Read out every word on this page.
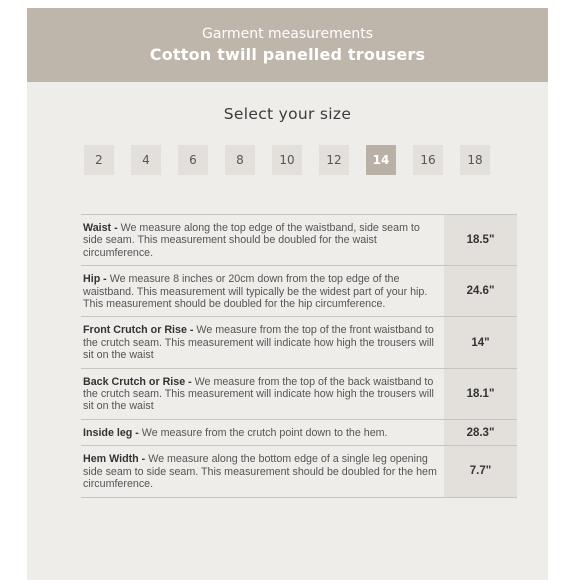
Garment measurements
Cotton twill panelled trousers
Select your size
2	4	6	8	10	12	14	16	18
Waist - We measure along the top edge of the waistband, side seam to side seam. This measurement should be doubled for the waist circumference.	18.5"
Hip - We measure 8 inches or 20cm down from the top edge of the waistband. This measurement will typically be the widest part of your hip. This measurement should be doubled for the hip circumference.	24.6"
Front Crutch or Rise - We measure from the top of the front waistband to the crutch seam. This measurement will indicate how high the trousers will sit on the waist	14"
Back Crutch or Rise - We measure from the top of the back waistband to the crutch seam. This measurement will indicate how high the trousers will sit on the waist	18.1"
Inside leg - We measure from the crutch point down to the hem.	28.3"
Hem Width - We measure along the bottom edge of a single leg opening side seam to side seam. This measurement should be doubled for the hem circumference.	7.7"
